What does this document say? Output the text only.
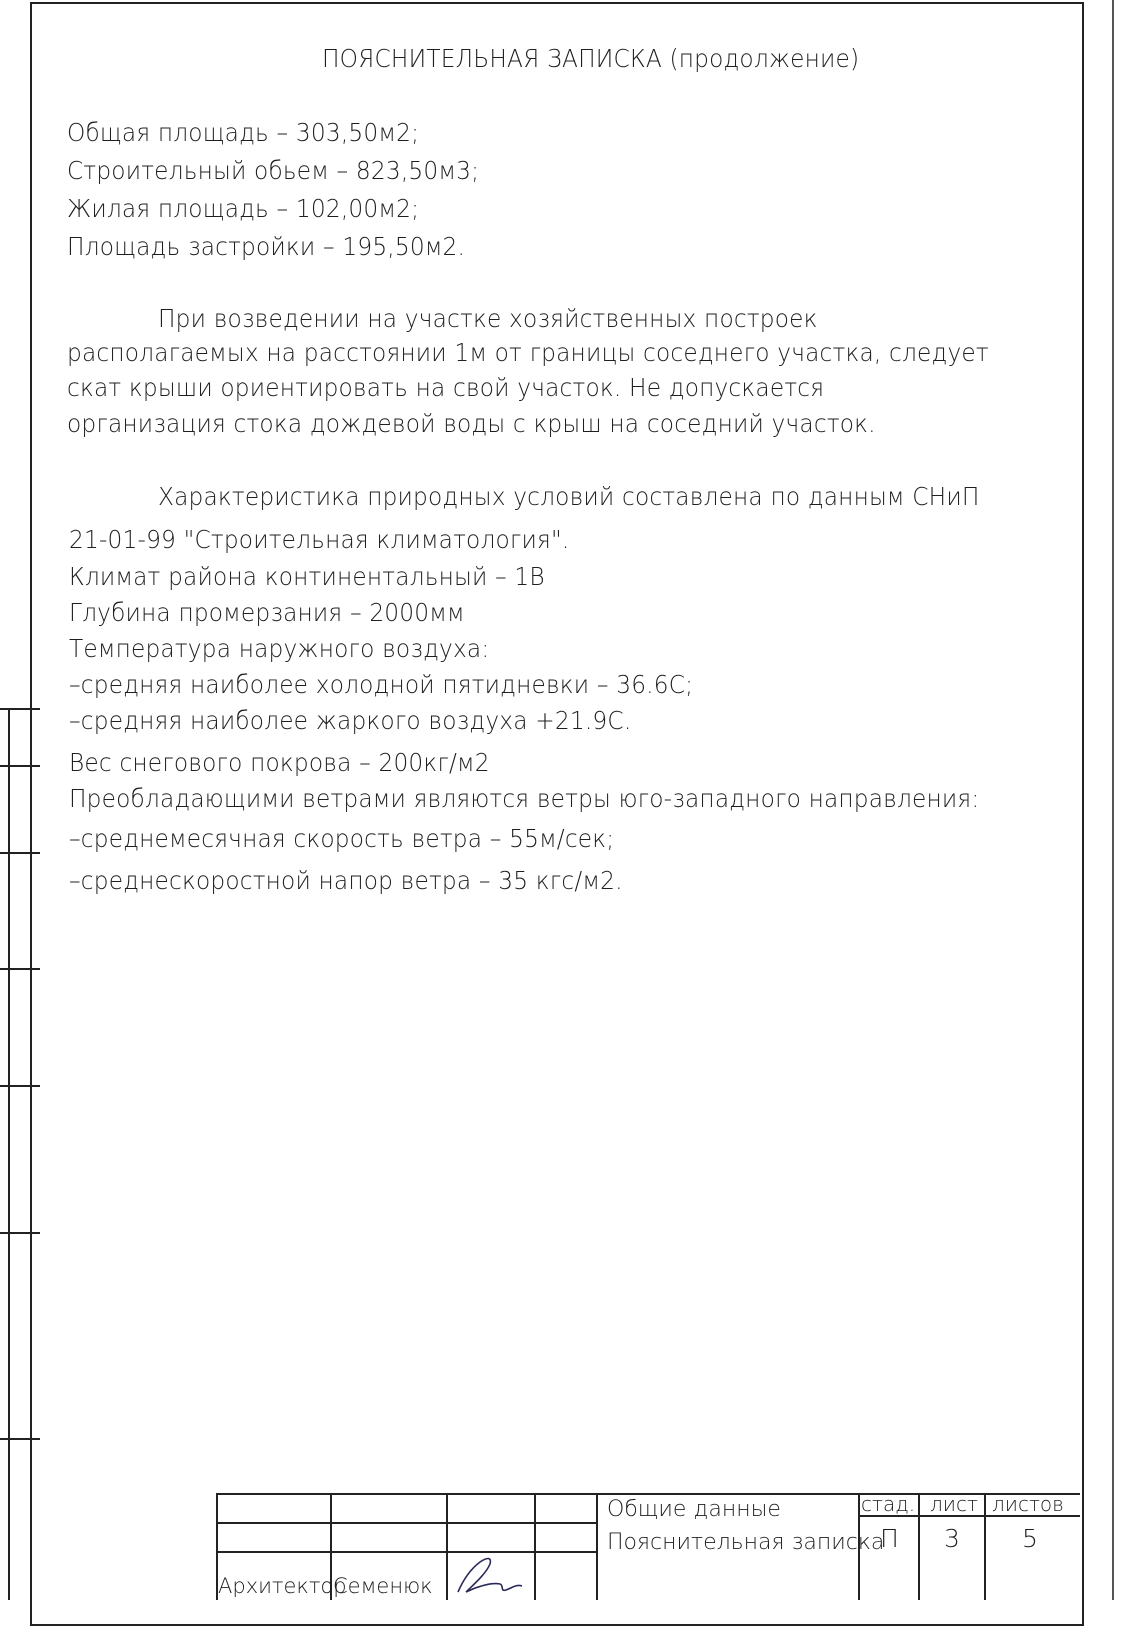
ПОЯСНИТЕЛЬНАЯ ЗАПИСКА (продолжение)

Общая площадь – 303,50м2;

Строительный обьем – 823,50м3;

Жилая площадь – 102,00м2;

Площадь застройки – 195,50м2.

При возведении на участке хозяйственных построек

располагаемых на расстоянии 1м от границы соседнего участка, следует

скат крыши ориентировать на свой участок. Не допускается

организация стока дождевой воды с крыш на соседний участок.

Характеристика природных условий составлена по данным СНиП

21-01-99 "Строительная климатология".

Климат района континентальный – 1В

Глубина промерзания – 2000мм

Температура наружного воздуха:

–средняя наиболее холодной пятидневки – 36.6С;

–средняя наиболее жаркого воздуха +21.9С.

Вес снегового покрова – 200кг/м2

Преобладающими ветрами являются ветры юго-западного направления:

–среднемесячная скорость ветра – 55м/сек;

–среднескоростной напор ветра – 35 кгс/м2.

Архитектор

Семенюк

Общие данные

Пояснительная записка

стад. лист листов

П 3 5
